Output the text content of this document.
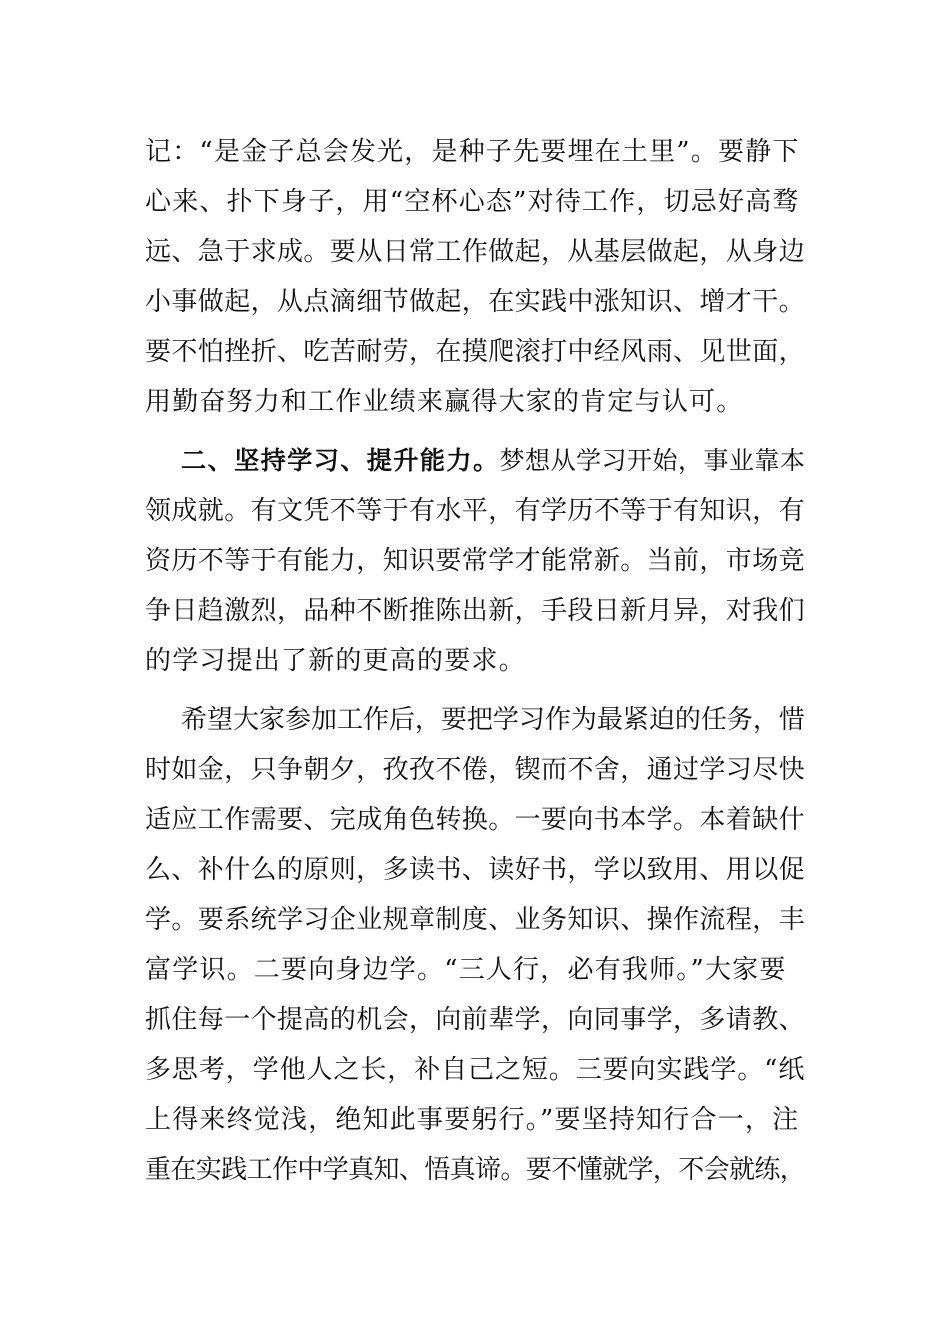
记：“是金子总会发光，是种子先要埋在土里”。要静下
心来、扑下身子，用“空杯心态”对待工作，切忌好高骛
远、急于求成。要从日常工作做起，从基层做起，从身边
小事做起，从点滴细节做起，在实践中涨知识、增才干。
要不怕挫折、吃苦耐劳，在摸爬滚打中经风雨、见世面，
用勤奋努力和工作业绩来赢得大家的肯定与认可。
二、坚持学习、提升能力。梦想从学习开始，事业靠本
领成就。有文凭不等于有水平，有学历不等于有知识，有
资历不等于有能力，知识要常学才能常新。当前，市场竞
争日趋激烈，品种不断推陈出新，手段日新月异，对我们
的学习提出了新的更高的要求。
希望大家参加工作后，要把学习作为最紧迫的任务，惜
时如金，只争朝夕，孜孜不倦，锲而不舍，通过学习尽快
适应工作需要、完成角色转换。一要向书本学。本着缺什
么、补什么的原则，多读书、读好书，学以致用、用以促
学。要系统学习企业规章制度、业务知识、操作流程，丰
富学识。二要向身边学。“三人行，必有我师。”大家要
抓住每一个提高的机会，向前辈学，向同事学，多请教、
多思考，学他人之长，补自己之短。三要向实践学。“纸
上得来终觉浅，绝知此事要躬行。”要坚持知行合一，注
重在实践工作中学真知、悟真谛。要不懂就学，不会就练，
